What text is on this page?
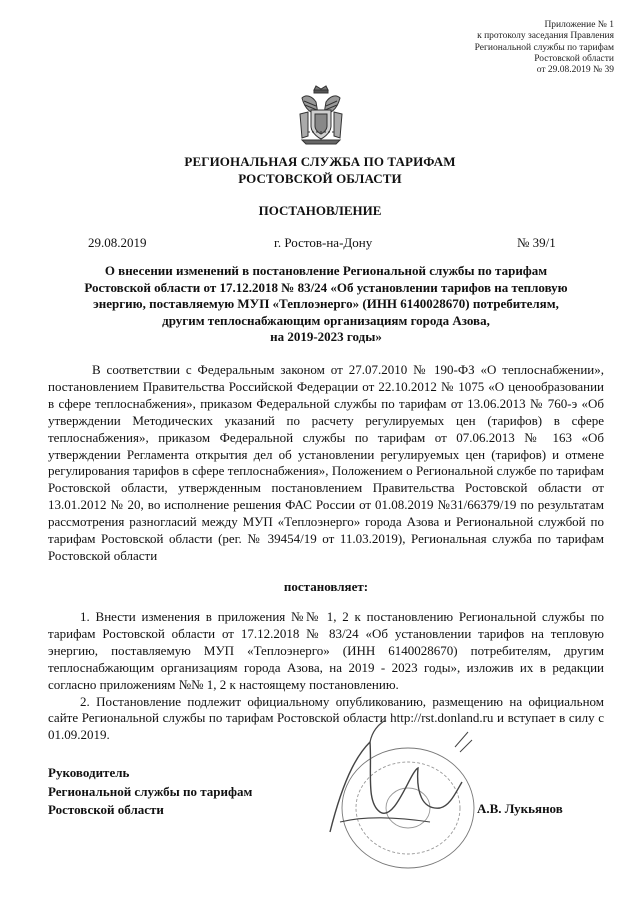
Приложение № 1
к протоколу заседания Правления
Региональной службы по тарифам
Ростовской области
от 29.08.2019 № 39
РЕГИОНАЛЬНАЯ СЛУЖБА ПО ТАРИФАМ
РОСТОВСКОЙ ОБЛАСТИ
ПОСТАНОВЛЕНИЕ
29.08.2019	г. Ростов-на-Дону	№ 39/1
О внесении изменений в постановление Региональной службы по тарифам
Ростовской области от 17.12.2018 № 83/24 «Об установлении тарифов на тепловую
энергию, поставляемую МУП «Теплоэнерго» (ИНН 6140028670) потребителям,
другим теплоснабжающим организациям города Азова,
на 2019-2023 годы»
В соответствии с Федеральным законом от 27.07.2010 № 190-ФЗ «О теплоснабжении», постановлением Правительства Российской Федерации от 22.10.2012 № 1075 «О ценообразовании в сфере теплоснабжения», приказом Федеральной службы по тарифам от 13.06.2013 № 760-э «Об утверждении Методических указаний по расчету регулируемых цен (тарифов) в сфере теплоснабжения», приказом Федеральной службы по тарифам от 07.06.2013 № 163 «Об утверждении Регламента открытия дел об установлении регулируемых цен (тарифов) и отмене регулирования тарифов в сфере теплоснабжения», Положением о Региональной службе по тарифам Ростовской области, утвержденным постановлением Правительства Ростовской области от 13.01.2012 № 20, во исполнение решения ФАС России от 01.08.2019 №31/66379/19 по результатам рассмотрения разногласий между МУП «Теплоэнерго» города Азова и Региональной службой по тарифам Ростовской области (рег. № 39454/19 от 11.03.2019), Региональная служба по тарифам Ростовской области
постановляет:
1. Внести изменения в приложения №№ 1, 2 к постановлению Региональной службы по тарифам Ростовской области от 17.12.2018 № 83/24 «Об установлении тарифов на тепловую энергию, поставляемую МУП «Теплоэнерго» (ИНН 6140028670) потребителям, другим теплоснабжающим организациям города Азова, на 2019 - 2023 годы», изложив их в редакции согласно приложениям №№ 1, 2 к настоящему постановлению.
2. Постановление подлежит официальному опубликованию, размещению на официальном сайте Региональной службы по тарифам Ростовской области http://rst.donland.ru и вступает в силу с 01.09.2019.
Руководитель
Региональной службы по тарифам
Ростовской области	А.В. Лукьянов
